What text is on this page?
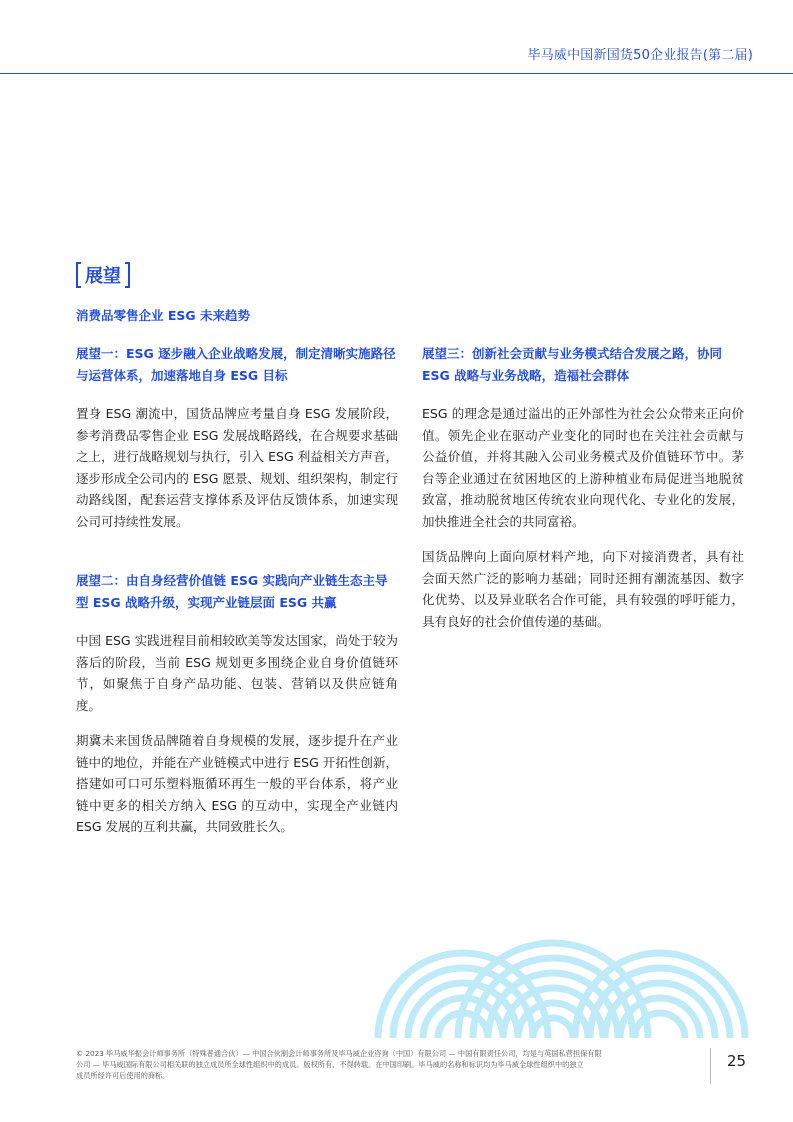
毕马威中国新国货50企业报告(第二届)
展望
消费品零售企业 ESG 未来趋势
展望一：ESG 逐步融入企业战略发展，制定清晰实施路径与运营体系，加速落地自身 ESG 目标

置身 ESG 潮流中，国货品牌应考量自身 ESG 发展阶段，参考消费品零售企业 ESG 发展战略路线，在合规要求基础之上，进行战略规划与执行，引入 ESG 利益相关方声音，逐步形成全公司内的 ESG 愿景、规划、组织架构，制定行动路线图，配套运营支撑体系及评估反馈体系，加速实现公司可持续性发展。

展望二：由自身经营价值链 ESG 实践向产业链生态主导型 ESG 战略升级，实现产业链层面 ESG 共赢

中国 ESG 实践进程目前相较欧美等发达国家，尚处于较为落后的阶段，当前 ESG 规划更多围绕企业自身价值链环节，如聚焦于自身产品功能、包装、营销以及供应链角度。

期冀未来国货品牌随着自身规模的发展，逐步提升在产业链中的地位，并能在产业链模式中进行 ESG 开拓性创新，搭建如可口可乐塑料瓶循环再生一般的平台体系，将产业链中更多的相关方纳入 ESG 的互动中，实现全产业链内 ESG 发展的互利共赢，共同致胜长久。

展望三：创新社会贡献与业务模式结合发展之路，协同 ESG 战略与业务战略，造福社会群体

ESG 的理念是通过溢出的正外部性为社会公众带来正向价值。领先企业在驱动产业变化的同时也在关注社会贡献与公益价值，并将其融入公司业务模式及价值链环节中。茅台等企业通过在贫困地区的上游种植业布局促进当地脱贫致富，推动脱贫地区传统农业向现代化、专业化的发展，加快推进全社会的共同富裕。

国货品牌向上面向原材料产地，向下对接消费者，具有社会面天然广泛的影响力基础；同时还拥有潮流基因、数字化优势、以及异业联名合作可能，具有较强的呼吁能力，具有良好的社会价值传递的基础。

© 2023 毕马威华振会计师事务所（特殊普通合伙）— 中国合伙制会计师事务所及毕马威企业咨询（中国）有限公司 — 中国有限责任公司，均是与英国私营担保有限
公司 — 毕马威国际有限公司相关联的独立成员所全球性组织中的成员。版权所有，不得转载。在中国印刷。毕马威的名称和标识均为毕马威全球性组织中的独立
成员所经许可后使用的商标。
25
